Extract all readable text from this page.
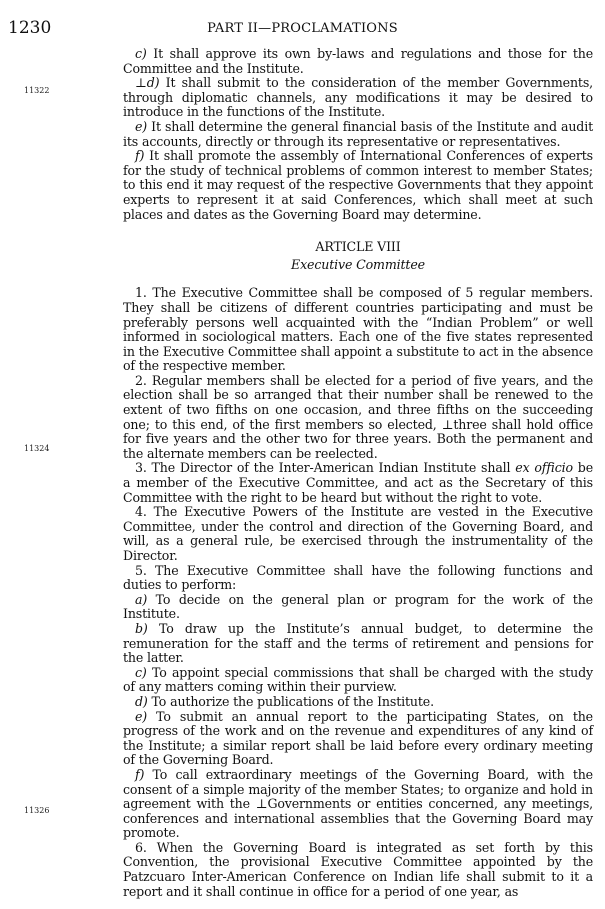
1230	PART II—PROCLAMATIONS
11322
11324
11326

c) It shall approve its own by-laws and regulations and those for the Committee and the Institute.

⊥d) It shall submit to the consideration of the member Governments, through diplomatic channels, any modifications it may be desired to introduce in the functions of the Institute.

e) It shall determine the general financial basis of the Institute and audit its accounts, directly or through its representative or representatives.

f) It shall promote the assembly of International Conferences of experts for the study of technical problems of common interest to member States; to this end it may request of the respective Governments that they appoint experts to represent it at said Conferences, which shall meet at such places and dates as the Governing Board may determine.

ARTICLE VIII
Executive Committee

1. The Executive Committee shall be composed of 5 regular members. They shall be citizens of different countries participating and must be preferably persons well acquainted with the “Indian Problem” or well informed in sociological matters. Each one of the five states represented in the Executive Committee shall appoint a substitute to act in the absence of the respective member.

2. Regular members shall be elected for a period of five years, and the election shall be so arranged that their number shall be renewed to the extent of two fifths on one occasion, and three fifths on the succeeding one; to this end, of the first members so elected, ⊥three shall hold office for five years and the other two for three years. Both the permanent and the alternate members can be reelected.

3. The Director of the Inter-American Indian Institute shall ex officio be a member of the Executive Committee, and act as the Secretary of this Committee with the right to be heard but without the right to vote.

4. The Executive Powers of the Institute are vested in the Executive Committee, under the control and direction of the Governing Board, and will, as a general rule, be exercised through the instrumentality of the Director.

5. The Executive Committee shall have the following functions and duties to perform:

a) To decide on the general plan or program for the work of the Institute.

b) To draw up the Institute’s annual budget, to determine the remuneration for the staff and the terms of retirement and pensions for the latter.

c) To appoint special commissions that shall be charged with the study of any matters coming within their purview.

d) To authorize the publications of the Institute.

e) To submit an annual report to the participating States, on the progress of the work and on the revenue and expenditures of any kind of the Institute; a similar report shall be laid before every ordinary meeting of the Governing Board.

f) To call extraordinary meetings of the Governing Board, with the consent of a simple majority of the member States; to organize and hold in agreement with the ⊥Governments or entities concerned, any meetings, conferences and international assemblies that the Governing Board may promote.

6. When the Governing Board is integrated as set forth by this Convention, the provisional Executive Committee appointed by the Patzcuaro Inter-American Conference on Indian life shall submit to it a report and it shall continue in office for a period of one year, as
